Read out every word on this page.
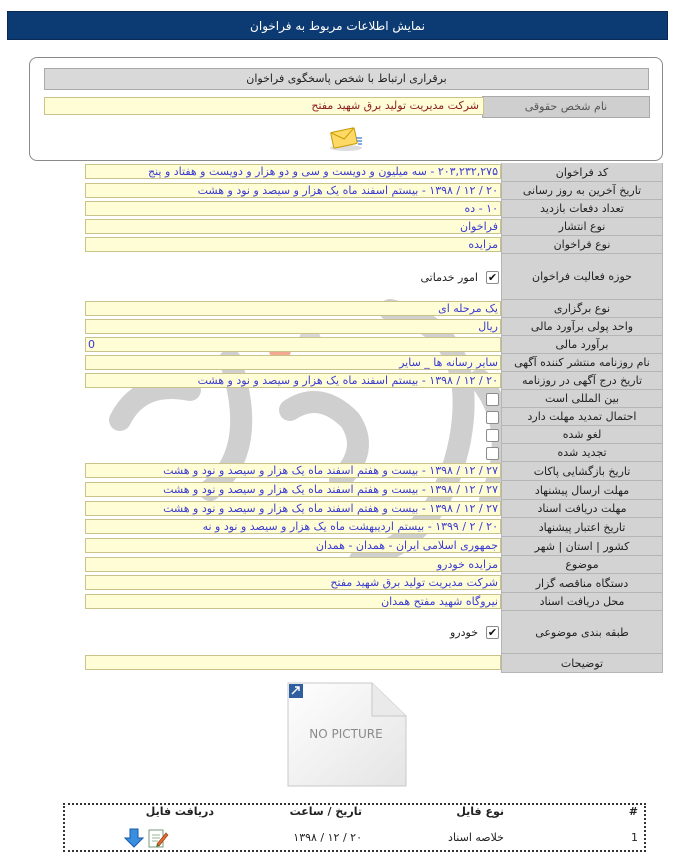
نمایش اطلاعات مربوط به فراخوان
برقراری ارتباط با شخص پاسخگوی فراخوان
نام شخص حقوقی
شرکت مدیریت تولید برق شهید مفتح
کد فراخوان
۲۰۳,۲۳۲,۲۷۵ - سه میلیون و دویست و سی و دو هزار و دویست و هفتاد و پنج
تاریخ آخرین به روز رسانی
۲۰ / ۱۲ / ۱۳۹۸ - بیستم اسفند ماه یک هزار و سیصد و نود و هشت
تعداد دفعات بازدید
۱۰ - ده
نوع انتشار
فراخوان
نوع فراخوان
مزایده
حوزه فعالیت فراخوان
✔
امور خدماتی
نوع برگزاری
یک مرحله ای
واحد پولی برآورد مالی
ریال
برآورد مالی
0
نام روزنامه منتشر کننده آگهی
سایر رسانه ها _ سایر
تاریخ درج آگهی در روزنامه
۲۰ / ۱۲ / ۱۳۹۸ - بیستم اسفند ماه یک هزار و سیصد و نود و هشت
بین المللی است
احتمال تمدید مهلت دارد
لغو شده
تجدید شده
تاریخ بازگشایی پاکات
۲۷ / ۱۲ / ۱۳۹۸ - بیست و هفتم اسفند ماه یک هزار و سیصد و نود و هشت
مهلت ارسال پیشنهاد
۲۷ / ۱۲ / ۱۳۹۸ - بیست و هفتم اسفند ماه یک هزار و سیصد و نود و هشت
مهلت دریافت اسناد
۲۷ / ۱۲ / ۱۳۹۸ - بیست و هفتم اسفند ماه یک هزار و سیصد و نود و هشت
تاریخ اعتبار پیشنهاد
۲۰ / ۲ / ۱۳۹۹ - بیستم اردیبهشت ماه یک هزار و سیصد و نود و نه
کشور | استان | شهر
جمهوری اسلامی ایران - همدان - همدان
موضوع
مزایده خودرو
دستگاه مناقصه گزار
شرکت مدیریت تولید برق شهید مفتح
محل دریافت اسناد
نیروگاه شهید مفتح همدان
طبقه بندی موضوعی
✔
خودرو
توضیحات
NO PICTURE
#
نوع فایل
تاریخ / ساعت
دریافت فایل
1
خلاصه اسناد
۲۰ / ۱۲ / ۱۳۹۸
